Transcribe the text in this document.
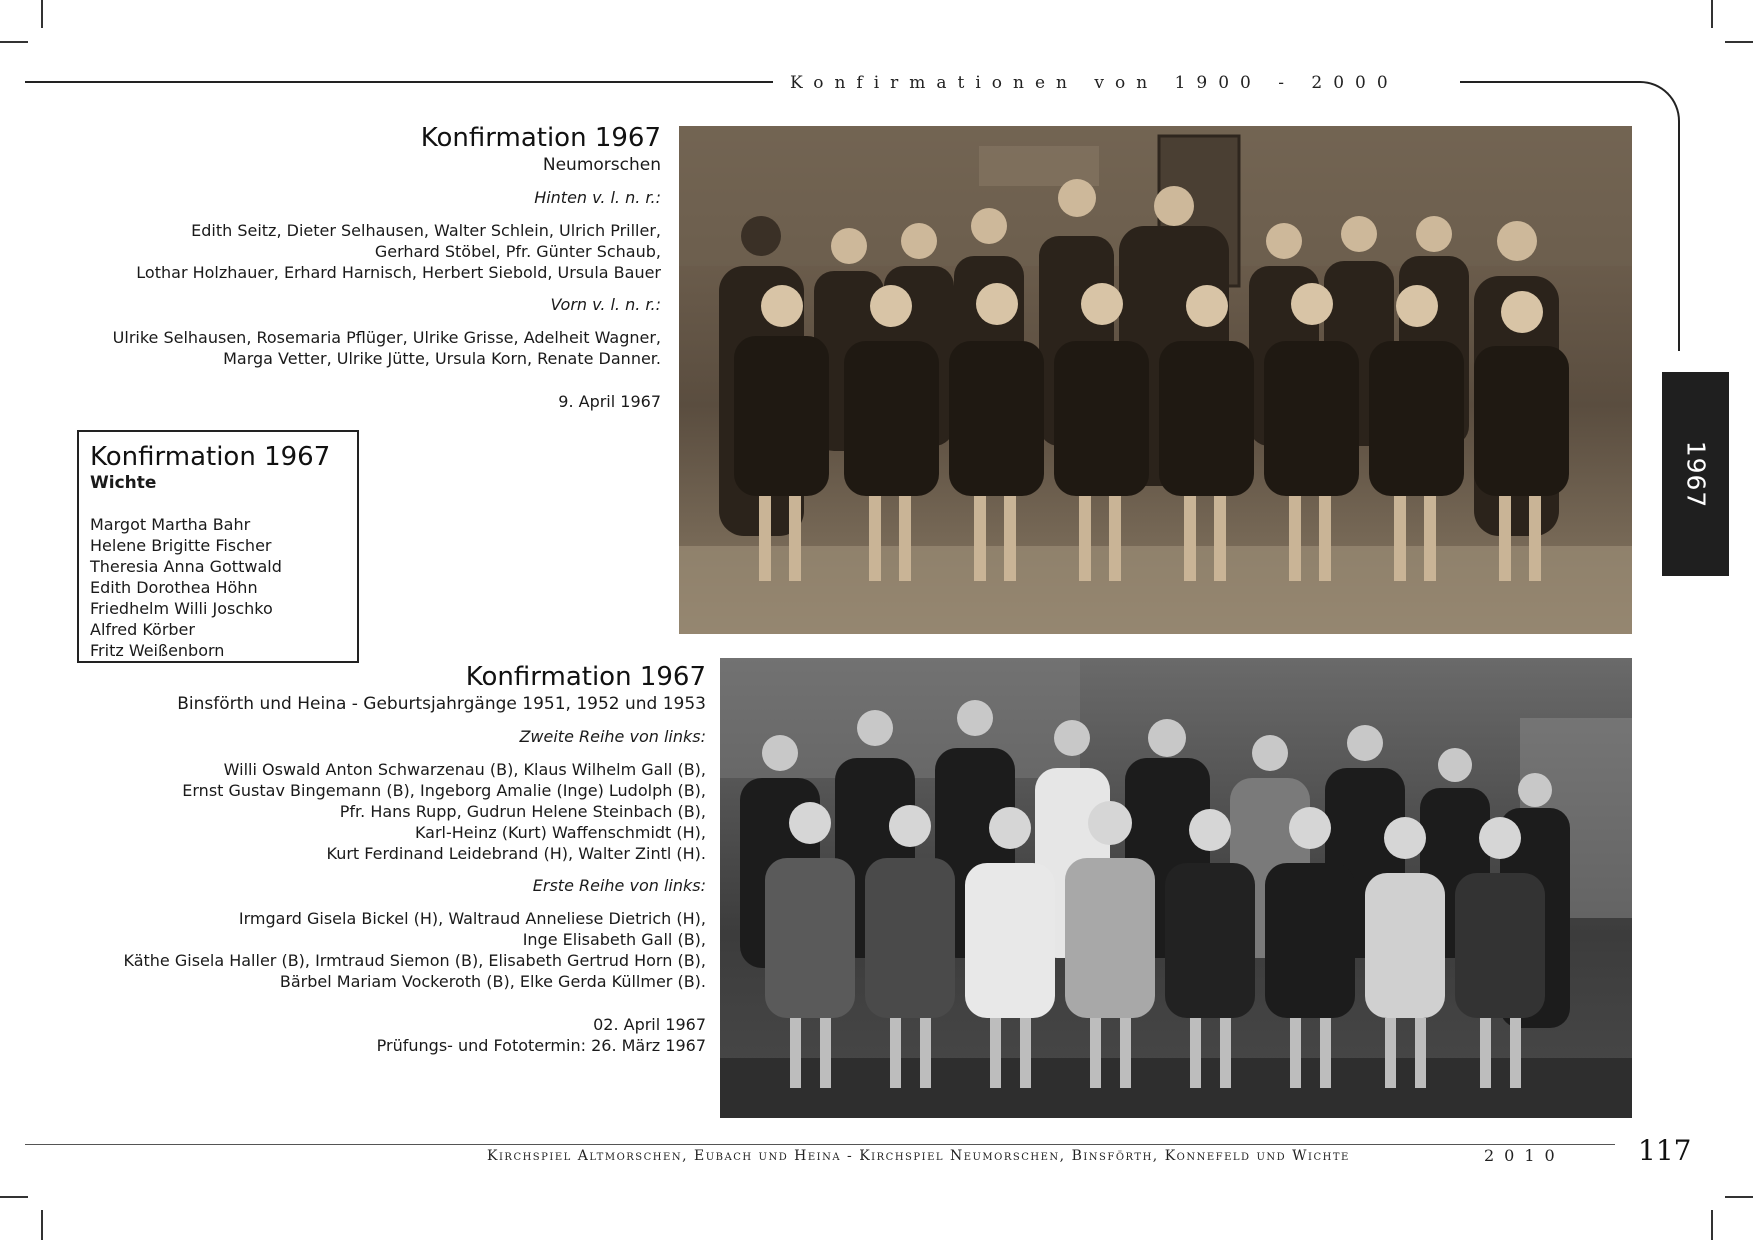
Konfirmationen von 1900 - 2000
Konfirmation 1967
Neumorschen
Hinten v. l. n. r.:
Edith Seitz, Dieter Selhausen, Walter Schlein, Ulrich Priller,
Gerhard Stöbel, Pfr. Günter Schaub,
Lothar Holzhauer, Erhard Harnisch, Herbert Siebold, Ursula Bauer
Vorn v. l. n. r.:
Ulrike Selhausen, Rosemaria Pflüger, Ulrike Grisse, Adelheit Wagner,
Marga Vetter, Ulrike Jütte, Ursula Korn, Renate Danner.
9. April 1967
1967
Konfirmation 1967
Wichte
Margot Martha Bahr
Helene Brigitte Fischer
Theresia Anna Gottwald
Edith Dorothea Höhn
Friedhelm Willi Joschko
Alfred Körber
Fritz Weißenborn
Konfirmation 1967
Binsförth und Heina - Geburtsjahrgänge 1951, 1952 und 1953
Zweite Reihe von links:
Willi Oswald Anton Schwarzenau (B), Klaus Wilhelm Gall (B),
Ernst Gustav Bingemann (B), Ingeborg Amalie (Inge) Ludolph (B),
Pfr. Hans Rupp, Gudrun Helene Steinbach (B),
Karl-Heinz (Kurt) Waffenschmidt (H),
Kurt Ferdinand Leidebrand (H), Walter Zintl (H).
Erste Reihe von links:
Irmgard Gisela Bickel (H), Waltraud Anneliese Dietrich (H),
Inge Elisabeth Gall (B),
Käthe Gisela Haller (B), Irmtraud Siemon (B), Elisabeth Gertrud Horn (B),
Bärbel Mariam Vockeroth (B), Elke Gerda Küllmer (B).
02. April 1967
Prüfungs- und Fototermin: 26. März 1967
Kirchspiel Altmorschen, Eubach und Heina - Kirchspiel Neumorschen, Binsförth, Konnefeld und Wichte	2010	117
